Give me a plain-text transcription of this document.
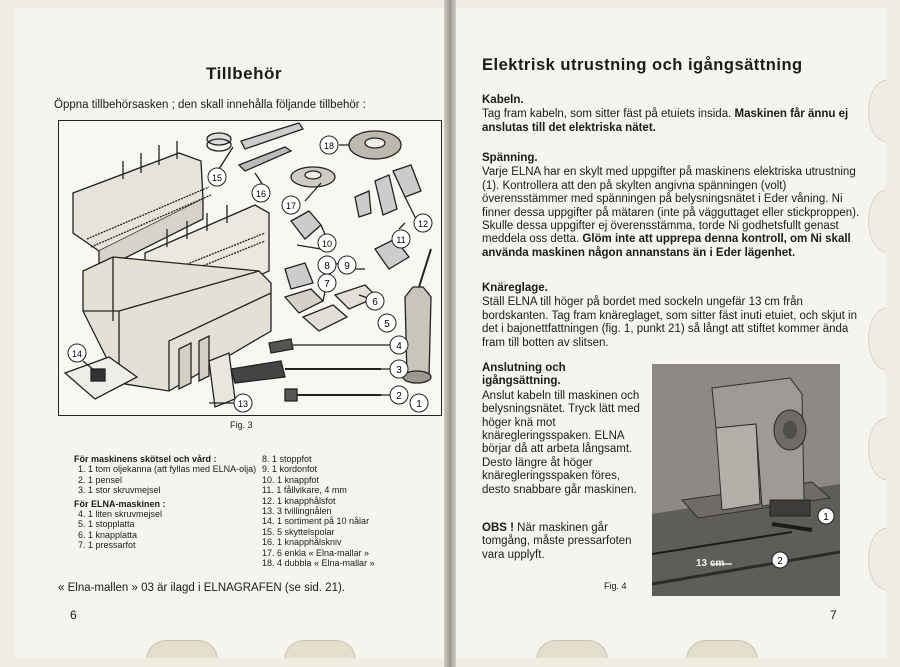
Tillbehör
Öppna tillbehörsasken ; den skall innehålla följande tillbehör :
1
2
3
4
5
6
7
8 9
10	11
12
13
14
15
16
17
18
Fig. 3
För maskinens skötsel och vård :
1. 1 tom oljekanna (att fyllas med ELNA-olja)
2. 1 pensel
3. 1 stor skruvmejsel
För ELNA-maskinen :
4. 1 liten skruvmejsel
5. 1 stopplatta
6. 1 knapplatta
7. 1 pressarfot
8. 1 stoppfot
9. 1 kordonfot
10. 1 knappfot
11. 1 fållvikare, 4 mm
12. 1 knapphålsfot
13. 3 tvillingnålen
14. 1 sortiment på 10 nålar
15. 5 skyttelspolar
16. 1 knapphålskniv
17. 6 enkla « Elna-mallar »
18. 4 dubbla « Elna-mallar »
« Elna-mallen » 03 är ilagd i ELNAGRAFEN (se sid. 21).
6
Elektrisk utrustning och igångsättning
Kabeln.
Tag fram kabeln, som sitter fäst på etuiets insida. Maskinen får ännu ej anslutas till det elektriska nätet.
Spänning.
Varje ELNA har en skylt med uppgifter på maskinens elektriska utrustning (1). Kontrollera att den på skylten angivna spänningen (volt) överensstämmer med spänningen på belysningsnätet i Eder våning. Ni finner dessa uppgifter på mätaren (inte på vägguttaget eller stickproppen). Skulle dessa uppgifter ej överensstämma, torde Ni godhetsfullt genast meddela oss detta. Glöm inte att upprepa denna kontroll, om Ni skall använda maskinen någon annanstans än i Eder lägenhet.
Knäreglage.
Ställ ELNA till höger på bordet med sockeln ungefär 13 cm från bordskanten. Tag fram knäreglaget, som sitter fäst inuti etuiet, och skjut in det i bajonettfattningen (fig. 1, punkt 21) så långt att stiftet kommer ända fram till botten av slitsen.
Anslutning och igångsättning.
Anslut kabeln till maskinen och belysningsnätet. Tryck lätt med höger knä mot knäregleringsspaken. ELNA börjar då att arbeta långsamt. Desto längre åt höger knäregleringsspaken föres, desto snabbare går maskinen.
OBS ! När maskinen går tomgång, måste pressarfoten vara upplyft.
1
2
13 cm
Fig. 4
7
